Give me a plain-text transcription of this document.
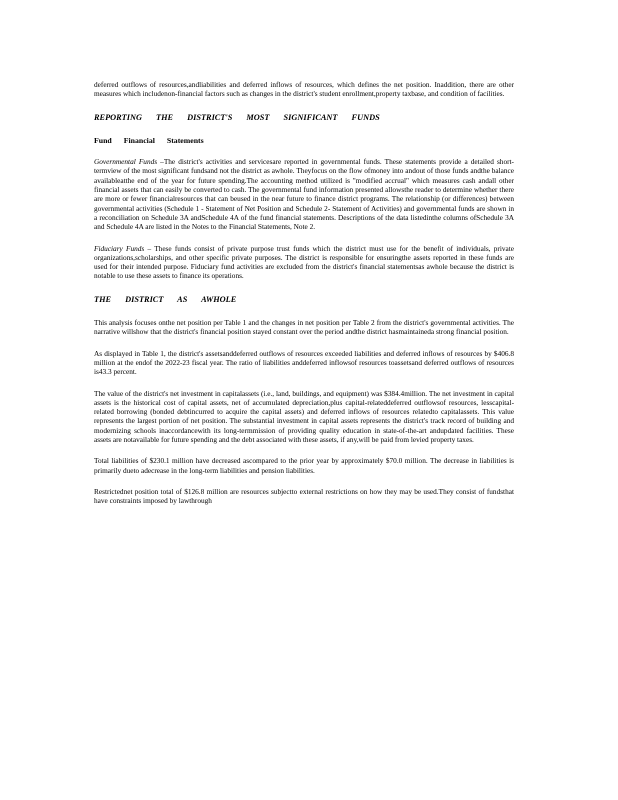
deferred outflows of resources,andliabilities and deferred inflows of resources, which defines the net position. Inaddition, there are other measures which includenon-financial factors such as changes in the district's student enrollment,property taxbase, and condition of facilities.

REPORTING THE DISTRICT'S MOST SIGNIFICANT FUNDS
Fund Financial Statements

Governmental Funds –The district's activities and servicesare reported in governmental funds. These statements provide a detailed short-termview of the most significant fundsand not the district as awhole. Theyfocus on the flow ofmoney into andout of those funds andthe balance availableatthe end of the year for future spending.The accounting method utilized is "modified accrual" which measures cash andall other financial assets that can easily be converted to cash. The governmental fund information presented allowsthe reader to determine whether there are more or fewer financialresources that can beused in the near future to finance district programs. The relationship (or differences) between governmental activities (Schedule 1 - Statement of Net Position and Schedule 2- Statement of Activities) and governmental funds are shown in a reconciliation on Schedule 3A andSchedule 4A of the fund financial statements. Descriptions of the data listedinthe columns ofSchedule 3A and Schedule 4A are listed in the Notes to the Financial Statements, Note 2.

Fiduciary Funds – These funds consist of private purpose trust funds which the district must use for the benefit of individuals, private organizations,scholarships, and other specific private purposes. The district is responsible for ensuringthe assets reported in these funds are used for their intended purpose. Fiduciary fund activities are excluded from the district's financial statementsas awhole because the district is notable to use these assets to finance its operations.

THE DISTRICT AS AWHOLE

This analysis focuses onthe net position per Table 1 and the changes in net position per Table 2 from the district's governmental activities. The narrative willshow that the district's financial position stayed constant over the period andthe district hasmaintaineda strong financial position.

As displayed in Table 1, the district's assetsanddeferred outflows of resources exceeded liabilities and deferred inflows of resources by $406.8 million at the endof the 2022-23 fiscal year. The ratio of liabilities anddeferred inflowsof resources toassetsand deferred outflows of resources is43.3 percent.

The value of the district's net investment in capitalassets (i.e., land, buildings, and equipment) was $384.4million. The net investment in capital assets is the historical cost of capital assets, net of accumulated depreciation,plus capital-relateddeferred outflowsof resources, lesscapital-related borrowing (bonded debtincurred to acquire the capital assets) and deferred inflows of resources relatedto capitalassets. This value represents the largest portion of net position. The substantial investment in capital assets represents the district's track record of building and modernizing schools inaccordancewith its long-termmission of providing quality education in state-of-the-art andupdated facilities. These assets are notavailable for future spending and the debt associated with these assets, if any,will be paid from levied property taxes.

Total liabilities of $230.1 million have decreased ascompared to the prior year by approximately $70.0 million. The decrease in liabilities is primarily dueto adecrease in the long-term liabilities and pension liabilities.

Restrictednet position total of $126.8 million are resources subjectto external restrictions on how they may be used.They consist of fundsthat have constraints imposed by lawthrough
